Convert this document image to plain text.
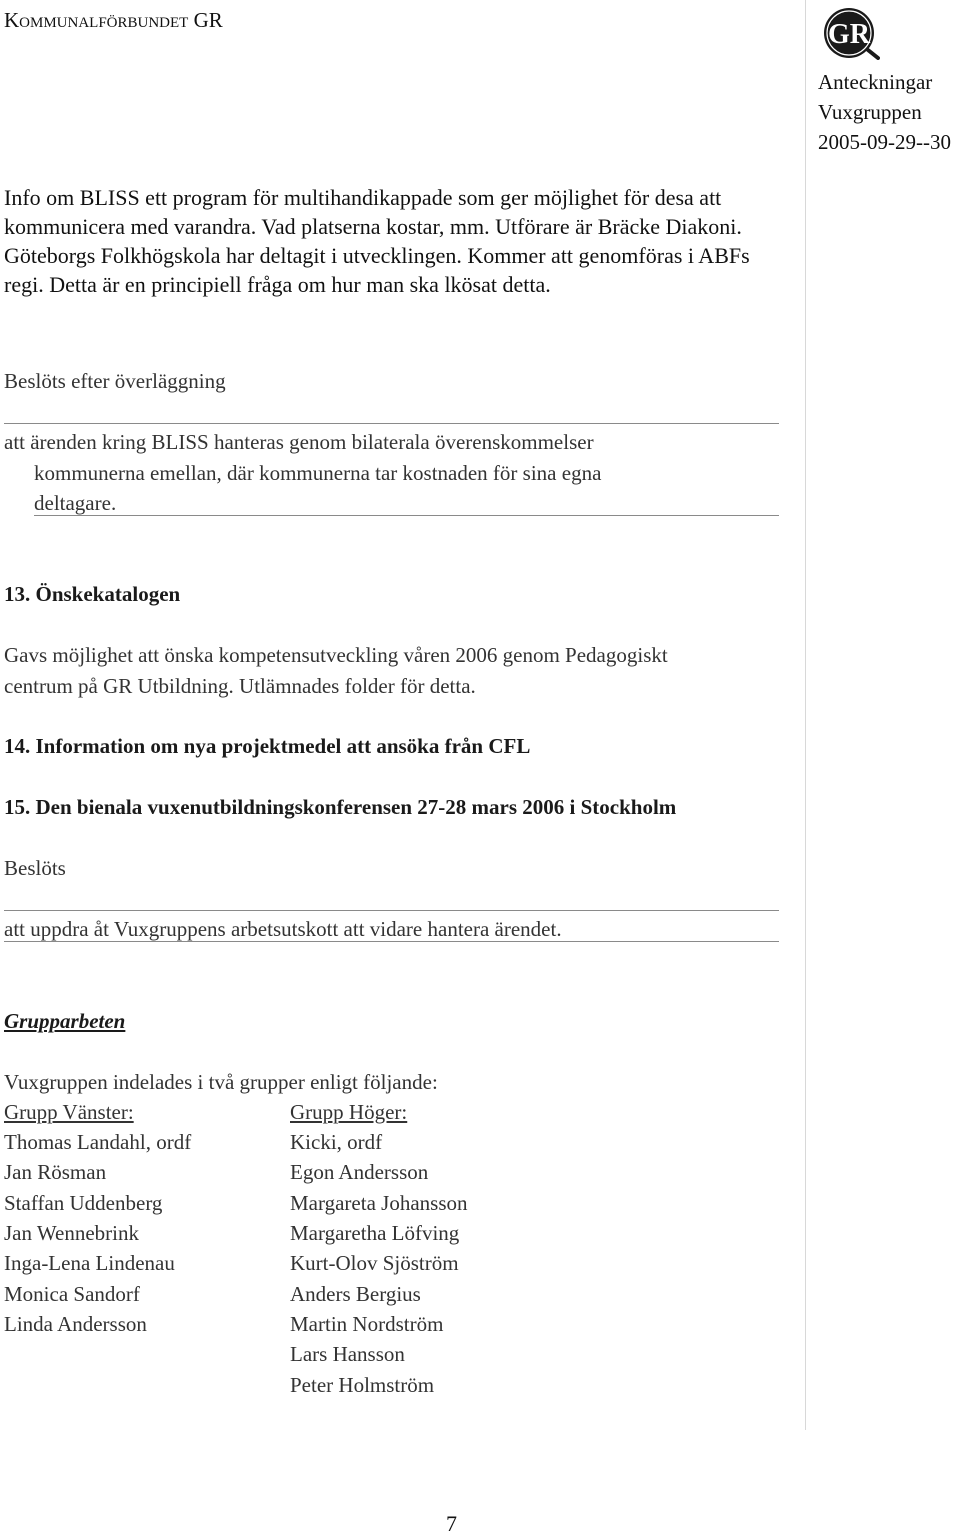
Kommunalförbundet GR	GR
Anteckningar
Vuxgruppen
2005-09-29--30
Info om BLISS ett program för multihandikappade som ger möjlighet för desa att kommunicera med varandra. Vad platserna kostar, mm. Utförare är Bräcke Diakoni. Göteborgs Folkhögskola har deltagit i utvecklingen. Kommer att genomföras i ABFs regi. Detta är en principiell fråga om hur man ska lkösat detta.
Beslöts efter överläggning
att ärenden kring BLISS hanteras genom bilaterala överenskommelser
kommunerna emellan, där kommunerna tar kostnaden för sina egna
deltagare.
13. Önskekatalogen
Gavs möjlighet att önska kompetensutveckling våren 2006 genom Pedagogiskt
centrum på GR Utbildning. Utlämnades folder för detta.
14. Information om nya projektmedel att ansöka från CFL
15. Den bienala vuxenutbildningskonferensen 27-28 mars 2006 i Stockholm
Beslöts
att uppdra åt Vuxgruppens arbetsutskott att vidare hantera ärendet.
Grupparbeten
Vuxgruppen indelades i två grupper enligt följande:
Grupp Vänster:	Grupp Höger:
Thomas Landahl, ordf
Jan Rösman
Staffan Uddenberg
Jan Wennebrink
Inga-Lena Lindenau
Monica Sandorf
Linda Andersson
Kicki, ordf
Egon Andersson
Margareta Johansson
Margaretha Löfving
Kurt-Olov Sjöström
Anders Bergius
Martin Nordström
Lars Hansson
Peter Holmström
7
